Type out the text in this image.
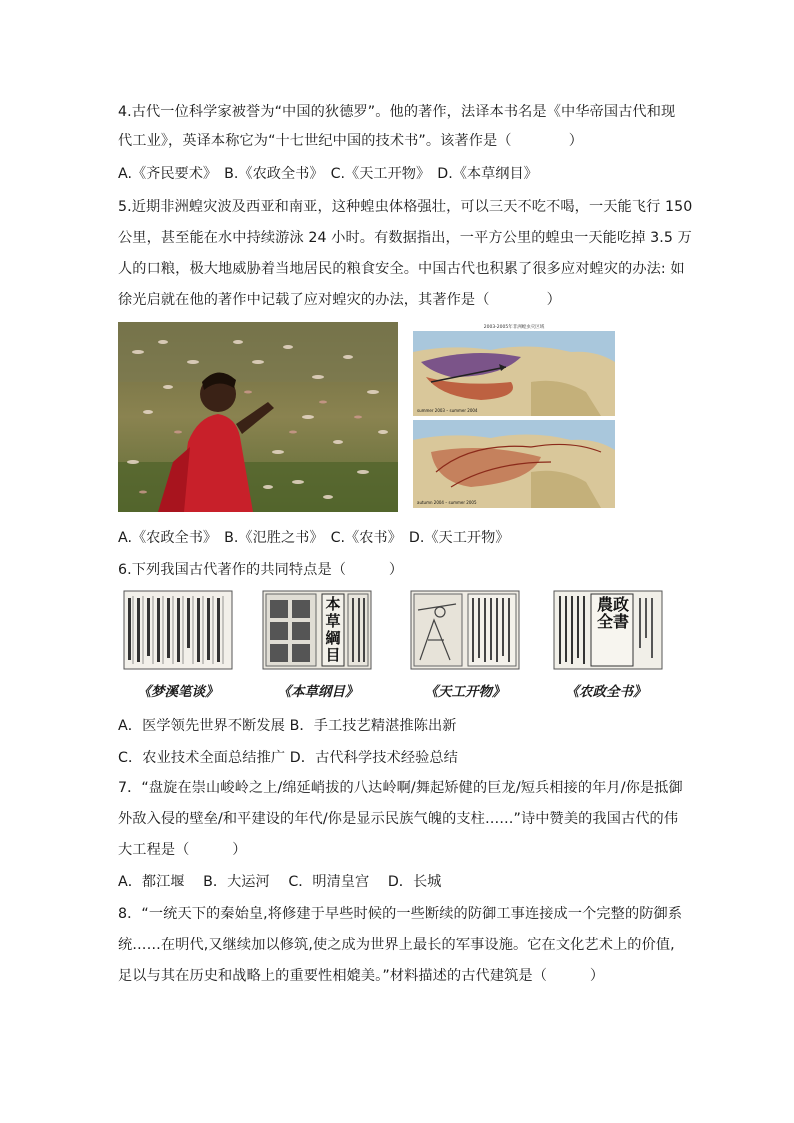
4.古代一位科学家被誉为“中国的狄德罗”。他的著作，法译本书名是《中华帝国古代和现
代工业》，英译本称它为“十七世纪中国的技术书”。该著作是（　　　　）
A.《齐民要术》　B.《农政全书》　C.《天工开物》　D.《本草纲目》
5.近期非洲蝗灾波及西亚和南亚，这种蝗虫体格强壮，可以三天不吃不喝，一天能飞行 150
公里，甚至能在水中持续游泳 24 小时。有数据指出，一平方公里的蝗虫一天能吃掉 3.5 万
人的口粮，极大地威胁着当地居民的粮食安全。中国古代也积累了很多应对蝗灾的办法: 如
徐光启就在他的著作中记载了应对蝗灾的办法，其著作是（　　　　）
2003-2005年非洲蝗虫灾区域
summer 2003 – summer 2004
autumn 2004 – summer 2005
A.《农政全书》　B.《氾胜之书》　C.《农书》　D.《天工开物》
6.下列我国古代著作的共同特点是（　　　）
本草綱目
農政全書
《梦溪笔谈》	《本草纲目》	《天工开物》	《农政全书》
A．医学领先世界不断发展 B．手工技艺精湛推陈出新
C．农业技术全面总结推广 D．古代科学技术经验总结
7．“盘旋在崇山峻岭之上/绵延峭拔的八达岭啊/舞起矫健的巨龙/短兵相接的年月/你是抵御
外敌入侵的壁垒/和平建设的年代/你是显示民族气魄的支柱……”诗中赞美的我国古代的伟
大工程是（　　　）
A．都江堰　 B．大运河　 C．明清皇宫　 D．长城
8．“一统天下的秦始皇,将修建于早些时候的一些断续的防御工事连接成一个完整的防御系
统……在明代,又继续加以修筑,使之成为世界上最长的军事设施。它在文化艺术上的价值,
足以与其在历史和战略上的重要性相媲美。”材料描述的古代建筑是（　　　）
